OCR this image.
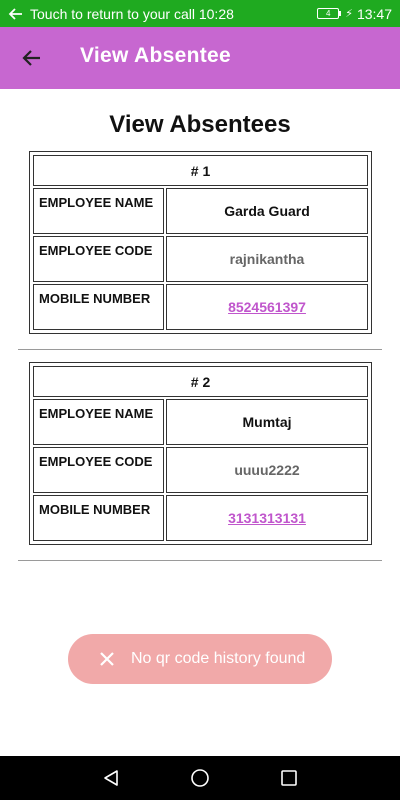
Touch to return to your call 10:28	4	⚡ 13:47
View Absentee
View Absentees
# 1
EMPLOYEE NAME
Garda Guard
EMPLOYEE CODE
rajnikantha
MOBILE NUMBER
8524561397
# 2
EMPLOYEE NAME
Mumtaj
EMPLOYEE CODE
uuuu2222
MOBILE NUMBER
3131313131
No qr code history found
